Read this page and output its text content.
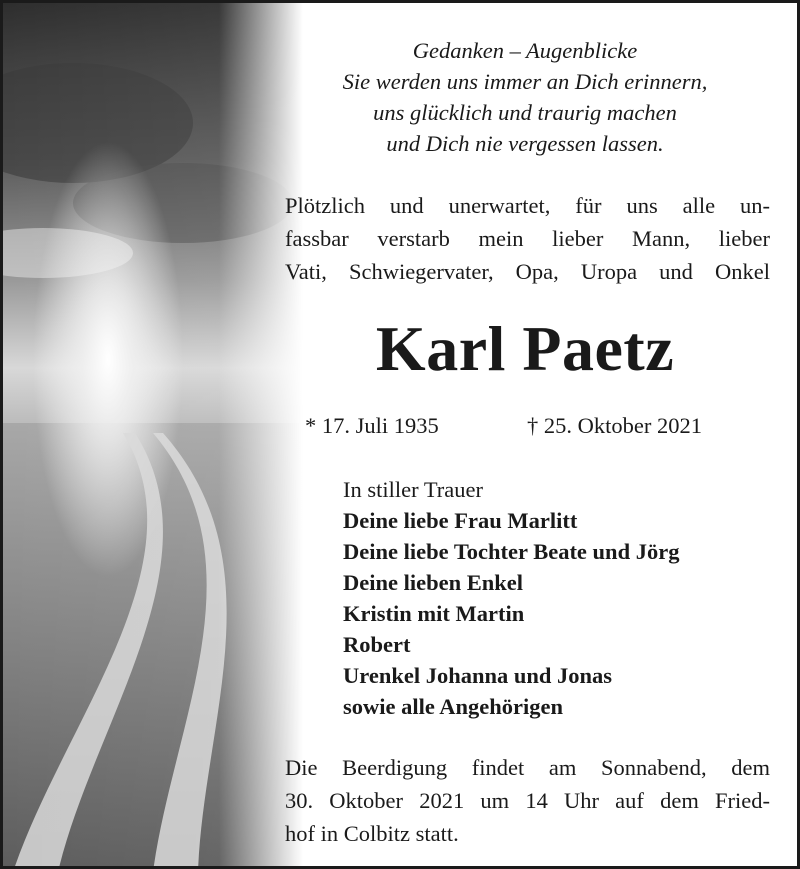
Gedanken – Augenblicke
Sie werden uns immer an Dich erinnern,
uns glücklich und traurig machen
und Dich nie vergessen lassen.
Plötzlich und unerwartet, für uns alle un-
fassbar verstarb mein lieber Mann, lieber
Vati, Schwiegervater, Opa, Uropa und Onkel
Karl Paetz
* 17. Juli 1935	† 25. Oktober 2021
In stiller Trauer
Deine liebe Frau Marlitt
Deine liebe Tochter Beate und Jörg
Deine lieben Enkel
Kristin mit Martin
Robert
Urenkel Johanna und Jonas
sowie alle Angehörigen
Die Beerdigung findet am Sonnabend, dem
30. Oktober 2021 um 14 Uhr auf dem Fried-
hof in Colbitz statt.
